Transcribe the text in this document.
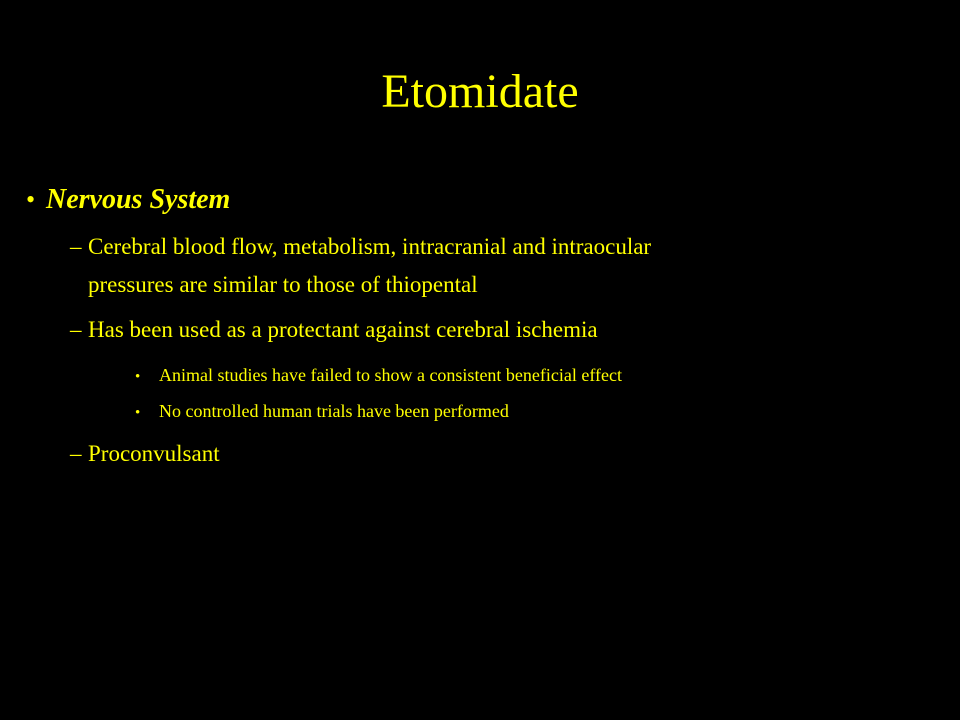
Etomidate
• Nervous System
– Cerebral blood flow, metabolism, intracranial and intraocular
pressures are similar to those of thiopental
– Has been used as a protectant against cerebral ischemia
•	Animal studies have failed to show a consistent beneficial effect
•	No controlled human trials have been performed
– Proconvulsant
